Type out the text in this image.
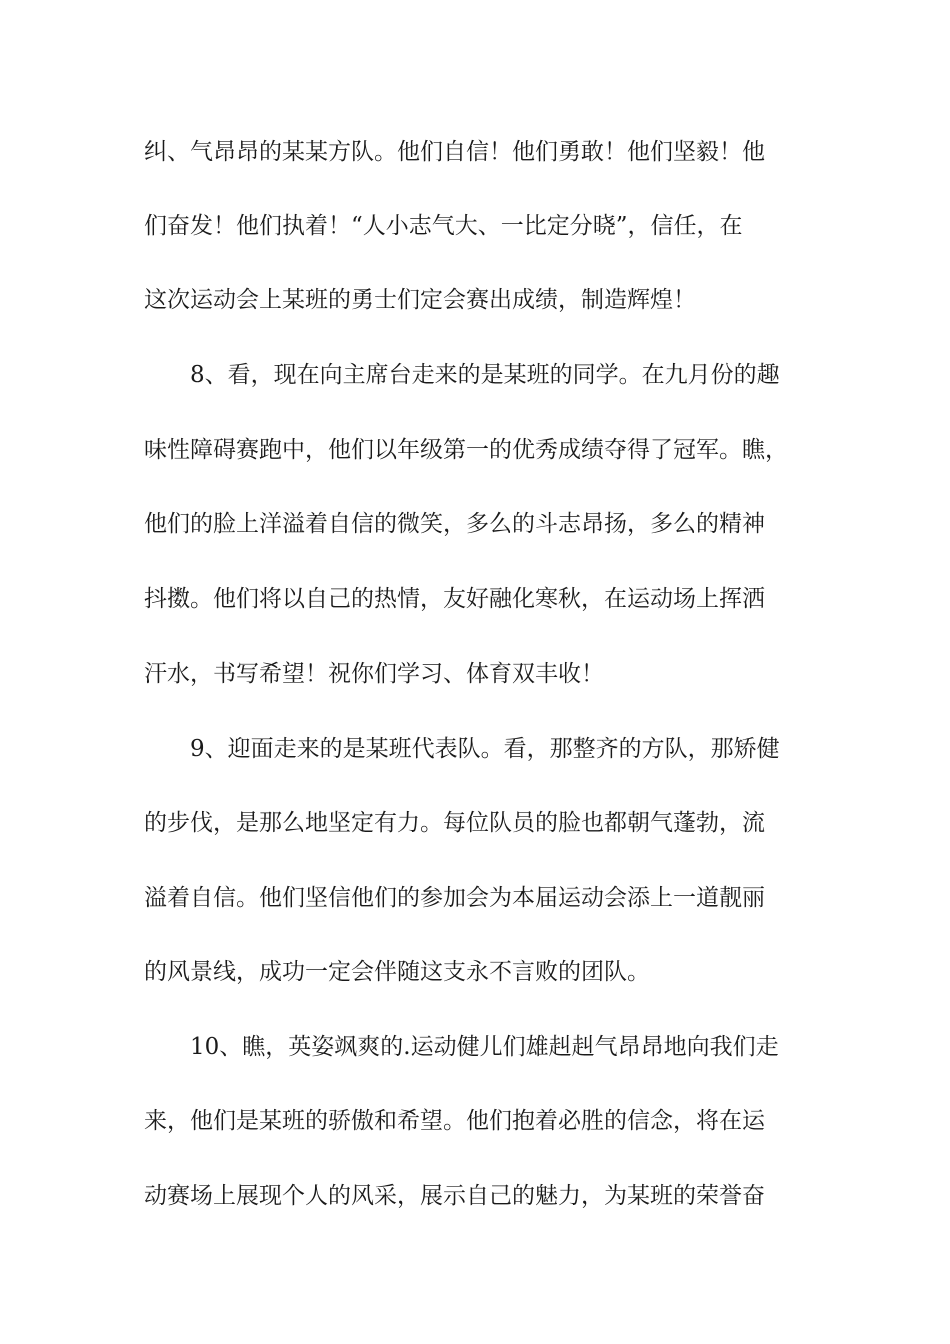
纠、气昂昂的某某方队。他们自信！他们勇敢！他们坚毅！他
们奋发！他们执着！“人小志气大、一比定分晓”，信任，在
这次运动会上某班的勇士们定会赛出成绩，制造辉煌！
8、看，现在向主席台走来的是某班的同学。在九月份的趣
味性障碍赛跑中，他们以年级第一的优秀成绩夺得了冠军。瞧，
他们的脸上洋溢着自信的微笑，多么的斗志昂扬，多么的精神
抖擞。他们将以自己的热情，友好融化寒秋，在运动场上挥洒
汗水，书写希望！祝你们学习、体育双丰收！
9、迎面走来的是某班代表队。看，那整齐的方队，那矫健
的步伐，是那么地坚定有力。每位队员的脸也都朝气蓬勃，流
溢着自信。他们坚信他们的参加会为本届运动会添上一道靓丽
的风景线，成功一定会伴随这支永不言败的团队。
10、瞧，英姿飒爽的.运动健儿们雄赳赳气昂昂地向我们走
来，他们是某班的骄傲和希望。他们抱着必胜的信念，将在运
动赛场上展现个人的风采，展示自己的魅力，为某班的荣誉奋
